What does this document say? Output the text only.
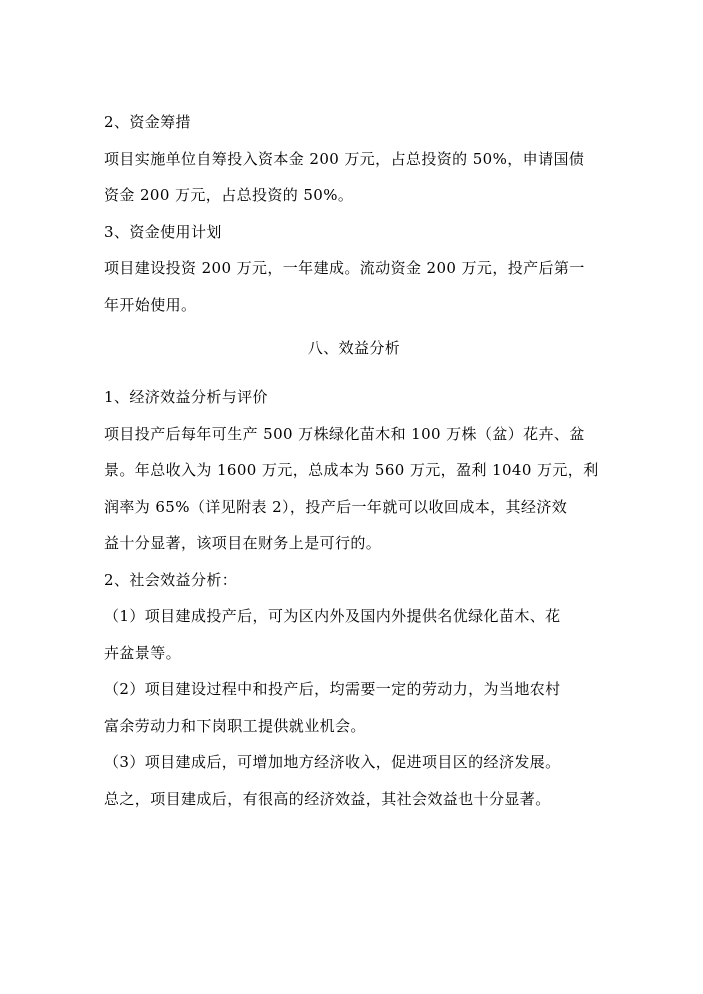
2、资金筹措
项目实施单位自筹投入资本金 200 万元，占总投资的 50%，申请国债
资金 200 万元，占总投资的 50%。
3、资金使用计划
项目建设投资 200 万元，一年建成。流动资金 200 万元，投产后第一
年开始使用。
八、效益分析
1、经济效益分析与评价
项目投产后每年可生产 500 万株绿化苗木和 100 万株（盆）花卉、盆
景。年总收入为 1600 万元，总成本为 560 万元，盈利 1040 万元，利
润率为 65%（详见附表 2），投产后一年就可以收回成本，其经济效
益十分显著，该项目在财务上是可行的。
2、社会效益分析：
（1）项目建成投产后，可为区内外及国内外提供名优绿化苗木、花
卉盆景等。
（2）项目建设过程中和投产后，均需要一定的劳动力，为当地农村
富余劳动力和下岗职工提供就业机会。
（3）项目建成后，可增加地方经济收入，促进项目区的经济发展。
总之，项目建成后，有很高的经济效益，其社会效益也十分显著。
